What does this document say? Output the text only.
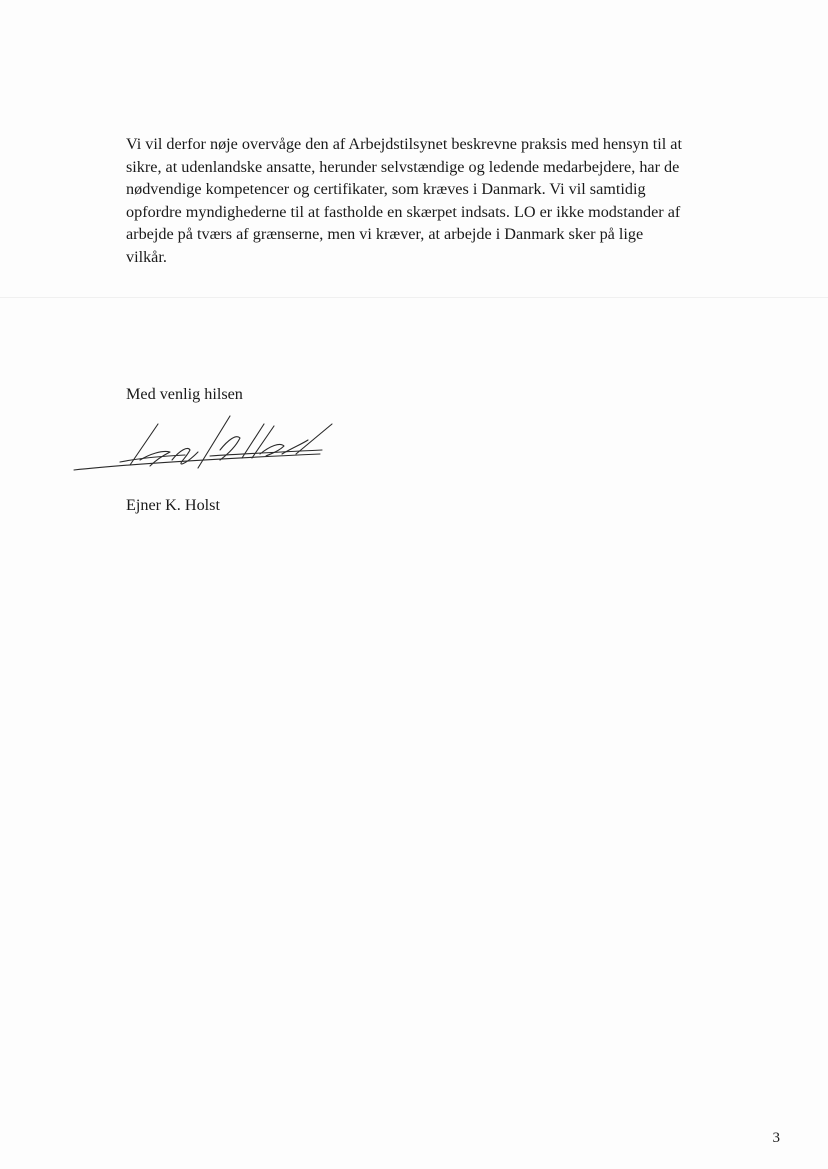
Vi vil derfor nøje overvåge den af Arbejdstilsynet beskrevne praksis med hensyn til at
sikre, at udenlandske ansatte, herunder selvstændige og ledende medarbejdere, har de
nødvendige kompetencer og certifikater, som kræves i Danmark. Vi vil samtidig
opfordre myndighederne til at fastholde en skærpet indsats. LO er ikke modstander af
arbejde på tværs af grænserne, men vi kræver, at arbejde i Danmark sker på lige
vilkår.

Med venlig hilsen

Ejner K. Holst

3
